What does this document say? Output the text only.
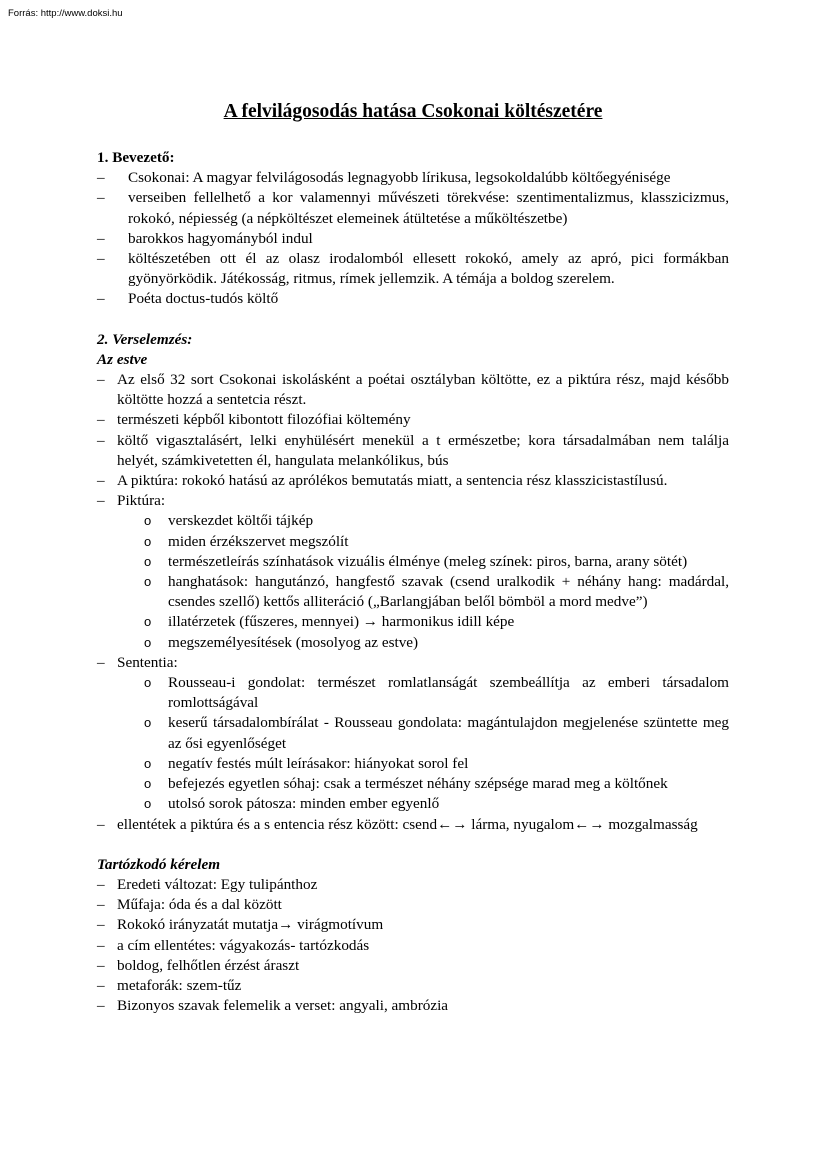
Forrás: http://www.doksi.hu
A felvilágosodás hatása Csokonai költészetére
1. Bevezető:
– Csokonai: A magyar felvilágosodás legnagyobb lírikusa, legsokoldalúbb költőegyénisége
– verseiben fellelhető a kor valamennyi művészeti törekvése: szentimentalizmus, klasszicizmus, rokokó, népiesség (a népköltészet elemeinek átültetése a műköltészetbe)
– barokkos hagyományból indul
– költészetében ott él az olasz irodalomból ellesett rokokó, amely az apró, pici formákban gyönyörködik. Játékosság, ritmus, rímek jellemzik. A témája a boldog szerelem.
– Poéta doctus-tudós költő
2. Verselemzés:
Az estve
– Az első 32 sort Csokonai iskolásként a poétai osztályban költötte, ez a piktúra rész, majd később költötte hozzá a sentetcia részt.
– természeti képből kibontott filozófiai költemény
– költő vigasztalásért, lelki enyhülésért menekül a t ermészetbe; kora társadalmában nem találja helyét, számkivetetten él, hangulata melankólikus, bús
– A piktúra: rokokó hatású az aprólékos bemutatás miatt, a sentencia rész klasszicistastílusú.
– Piktúra:
o verskezdet költői tájkép
o miden érzékszervet megszólít
o természetleírás színhatások vizuális élménye (meleg színek: piros, barna, arany sötét)
o hanghatások: hangutánzó, hangfestő szavak (csend uralkodik + néhány hang: madárdal, csendes szellő) kettős alliteráció („Barlangjában belől bömböl a mord medve”)
o illatérzetek (fűszeres, mennyei) → harmonikus idill képe
o megszemélyesítések (mosolyog az estve)
– Sententia:
o Rousseau-i gondolat: természet romlatlanságát szembeállítja az emberi társadalom romlottságával
o keserű társadalombírálat - Rousseau gondolata: magántulajdon megjelenése szüntette meg az ősi egyenlőséget
o negatív festés múlt leírásakor: hiányokat sorol fel
o befejezés egyetlen sóhaj: csak a természet néhány szépsége marad meg a költőnek
o utolsó sorok pátosza: minden ember egyenlő
– ellentétek a piktúra és a s entencia rész között: csend←→ lárma, nyugalom←→ mozgalmasság
Tartózkodó kérelem
– Eredeti változat: Egy tulipánthoz
– Műfaja: óda és a dal között
– Rokokó irányzatát mutatja→ virágmotívum
– a cím ellentétes: vágyakozás- tartózkodás
– boldog, felhőtlen érzést áraszt
– metaforák: szem-tűz
– Bizonyos szavak felemelik a verset: angyali, ambrózia
